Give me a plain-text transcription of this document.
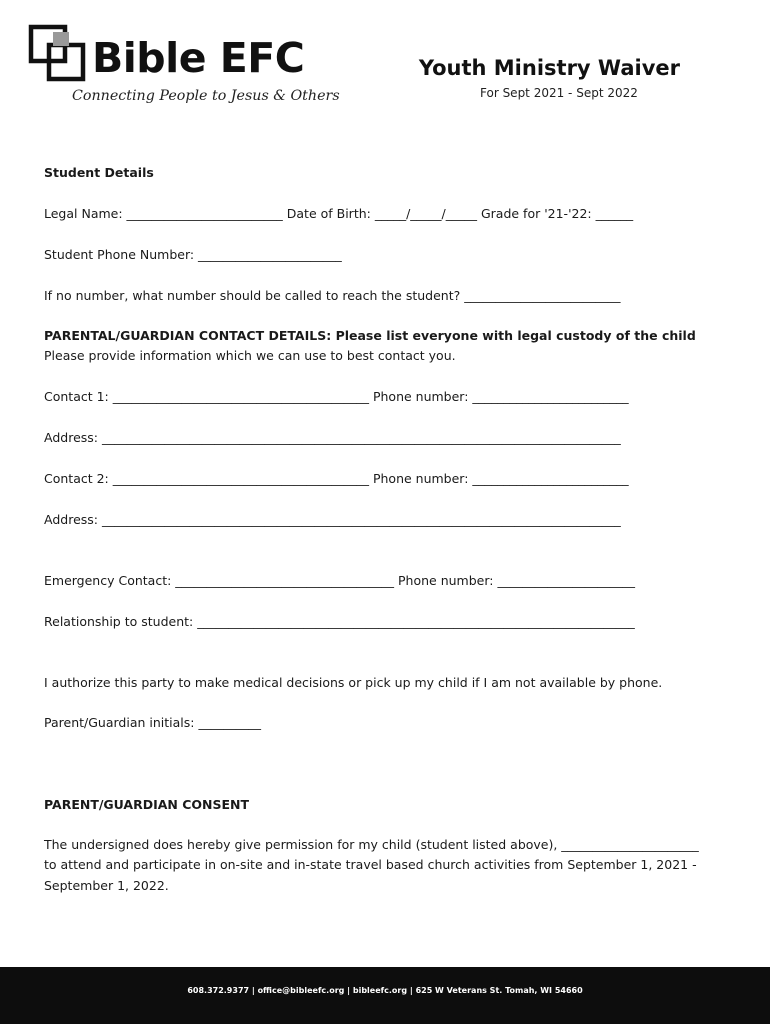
Bible EFC
Connecting People to Jesus & Others
Youth Ministry Waiver
For Sept 2021 - Sept 2022
Student Details
Legal Name: _________________________ Date of Birth: _____/_____/_____ Grade for '21-'22: ______
Student Phone Number: _______________________
If no number, what number should be called to reach the student? _________________________
PARENTAL/GUARDIAN CONTACT DETAILS: Please list everyone with legal custody of the child
Please provide information which we can use to best contact you.
Contact 1: _________________________________________ Phone number: _________________________
Address: ___________________________________________________________________________________
Contact 2: _________________________________________ Phone number: _________________________
Address: ___________________________________________________________________________________
Emergency Contact: ___________________________________ Phone number: ______________________
Relationship to student: ______________________________________________________________________
I authorize this party to make medical decisions or pick up my child if I am not available by phone.
Parent/Guardian initials: __________
PARENT/GUARDIAN CONSENT
The undersigned does hereby give permission for my child (student listed above), ______________________
to attend and participate in on-site and in-state travel based church activities from September 1, 2021 -
September 1, 2022.
608.372.9377 | office@bibleefc.org | bibleefc.org | 625 W Veterans St. Tomah, WI 54660
